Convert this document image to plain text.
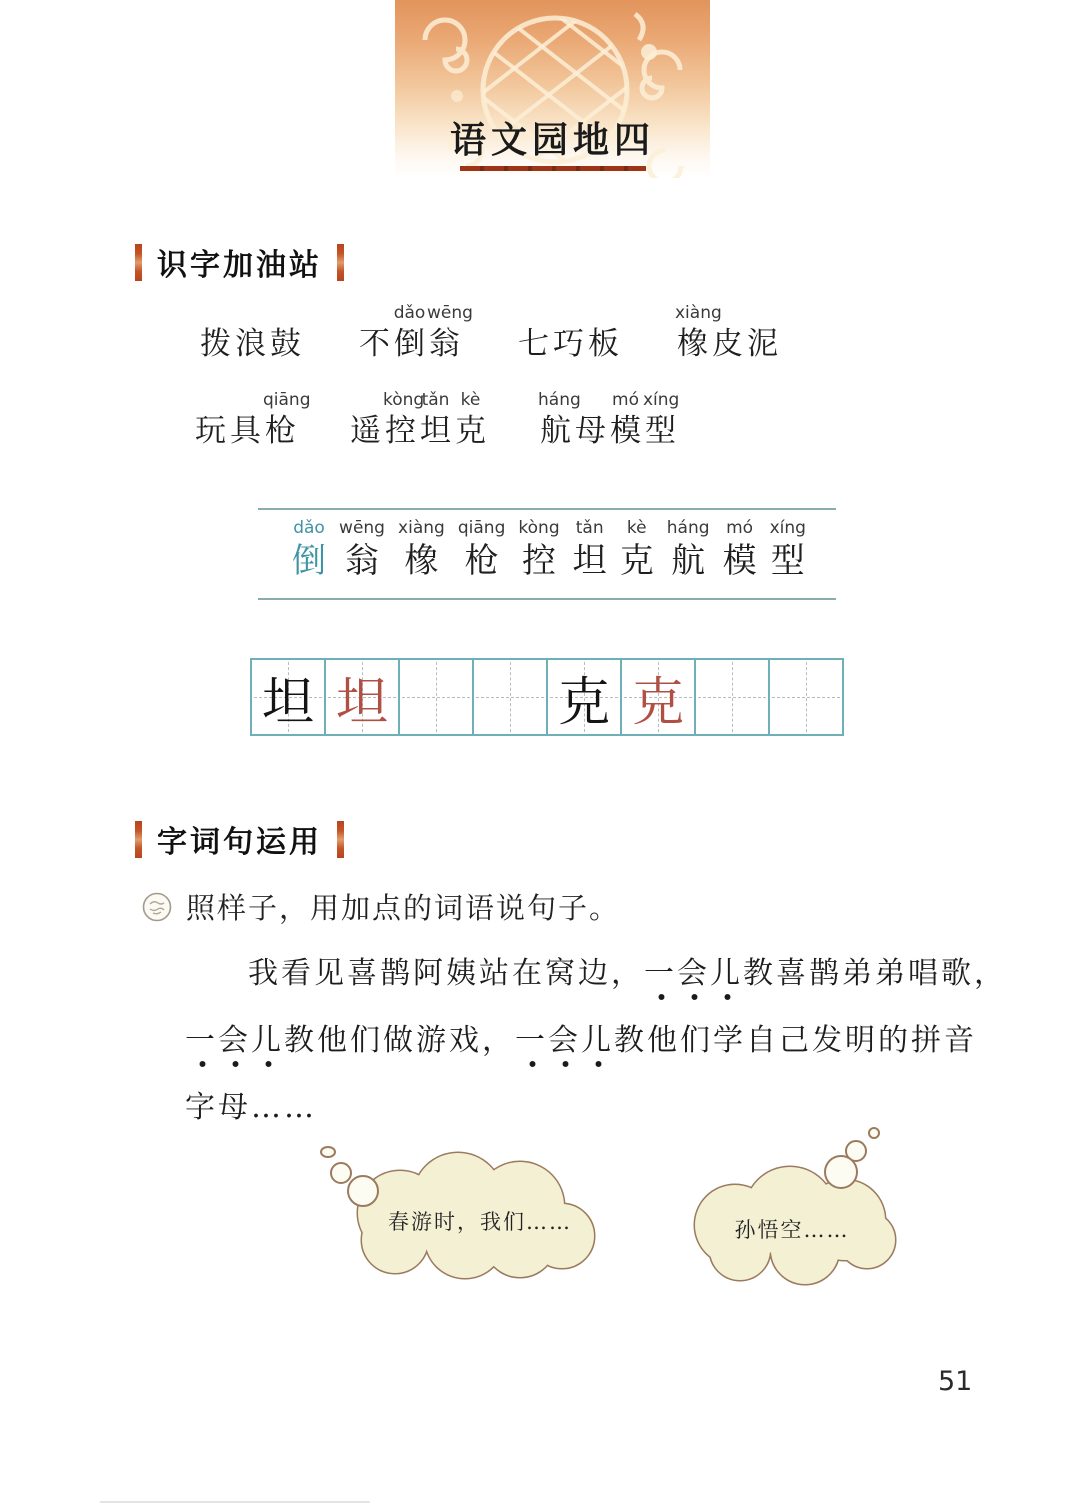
语文园地四
识字加油站
拨 浪 鼓 不
dǎo
倒
wēng
翁 七 巧 板
xiàng
橡 皮 泥
玩 具
qiāng
枪 遥
kòng
控
tǎn
坦
kè
克
háng
航 母
mó
模
xíng
型
dǎo
倒
wēng
翁
xiàng
橡
qiāng
枪
kòng
控
tǎn
坦
kè
克
háng
航
mó
模
xíng
型
坦 坦	克 克
字词句运用
照样子，用加点的词语说句子。
我看见喜鹊阿姨站在窝边，一会儿教喜鹊弟弟唱歌，
一会儿教他们做游戏，一会儿教他们学自己发明的拼音
字母……
春游时，我们……	孙悟空……
51
